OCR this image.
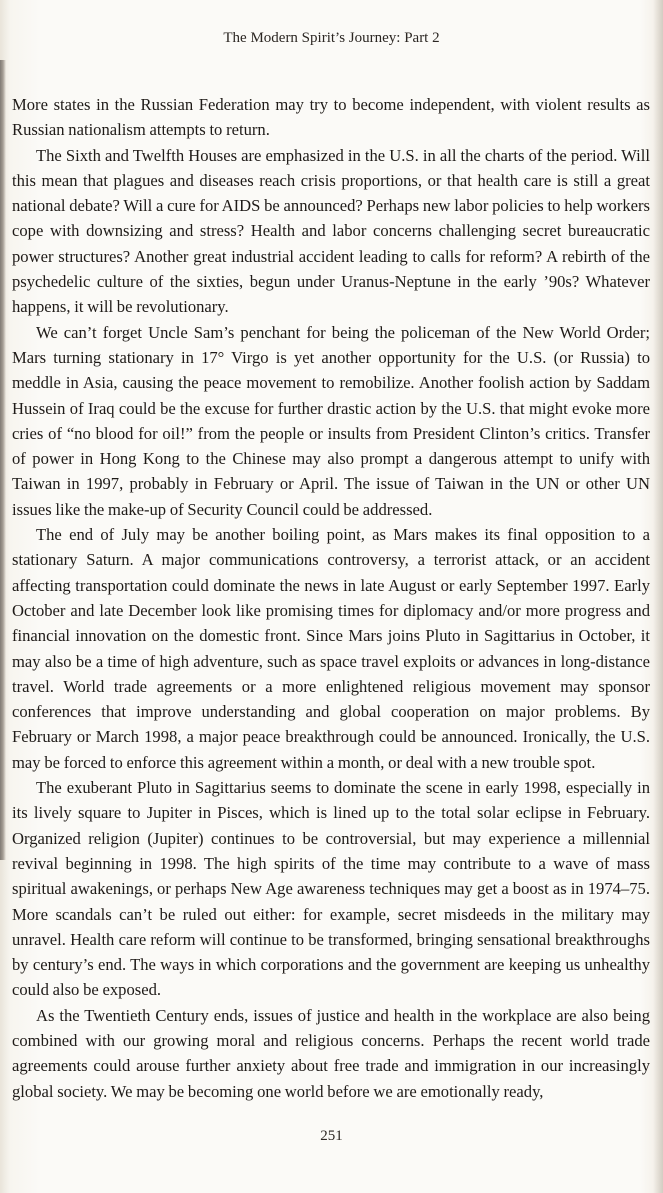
The Modern Spirit’s Journey: Part 2

More states in the Russian Federation may try to become independent, with violent results as Russian nationalism attempts to return.

The Sixth and Twelfth Houses are emphasized in the U.S. in all the charts of the period. Will this mean that plagues and diseases reach crisis proportions, or that health care is still a great national debate? Will a cure for AIDS be announced? Perhaps new labor policies to help workers cope with downsizing and stress? Health and labor concerns challenging secret bureaucratic power structures? Another great industrial accident leading to calls for reform? A rebirth of the psychedelic culture of the sixties, begun under Uranus-Neptune in the early ’90s? Whatever happens, it will be revolutionary.

We can’t forget Uncle Sam’s penchant for being the policeman of the New World Order; Mars turning stationary in 17° Virgo is yet another opportunity for the U.S. (or Russia) to meddle in Asia, causing the peace movement to remobilize. Another foolish action by Saddam Hussein of Iraq could be the excuse for further drastic action by the U.S. that might evoke more cries of “no blood for oil!” from the people or insults from President Clinton’s critics. Transfer of power in Hong Kong to the Chinese may also prompt a dangerous attempt to unify with Taiwan in 1997, probably in February or April. The issue of Taiwan in the UN or other UN issues like the make-up of Security Council could be addressed.

The end of July may be another boiling point, as Mars makes its final opposition to a stationary Saturn. A major communications controversy, a terrorist attack, or an accident affecting transportation could dominate the news in late August or early September 1997. Early October and late December look like promising times for diplomacy and/or more progress and financial innovation on the domestic front. Since Mars joins Pluto in Sagittarius in October, it may also be a time of high adventure, such as space travel exploits or advances in long-distance travel. World trade agreements or a more enlightened religious movement may sponsor conferences that improve understanding and global cooperation on major problems. By February or March 1998, a major peace breakthrough could be announced. Ironically, the U.S. may be forced to enforce this agreement within a month, or deal with a new trouble spot.

The exuberant Pluto in Sagittarius seems to dominate the scene in early 1998, especially in its lively square to Jupiter in Pisces, which is lined up to the total solar eclipse in February. Organized religion (Jupiter) continues to be controversial, but may experience a millennial revival beginning in 1998. The high spirits of the time may contribute to a wave of mass spiritual awakenings, or perhaps New Age awareness techniques may get a boost as in 1974–75. More scandals can’t be ruled out either: for example, secret misdeeds in the military may unravel. Health care reform will continue to be transformed, bringing sensational breakthroughs by century’s end. The ways in which corporations and the government are keeping us unhealthy could also be exposed.

As the Twentieth Century ends, issues of justice and health in the workplace are also being combined with our growing moral and religious concerns. Perhaps the recent world trade agreements could arouse further anxiety about free trade and immigration in our increasingly global society. We may be becoming one world before we are emotionally ready,

251
